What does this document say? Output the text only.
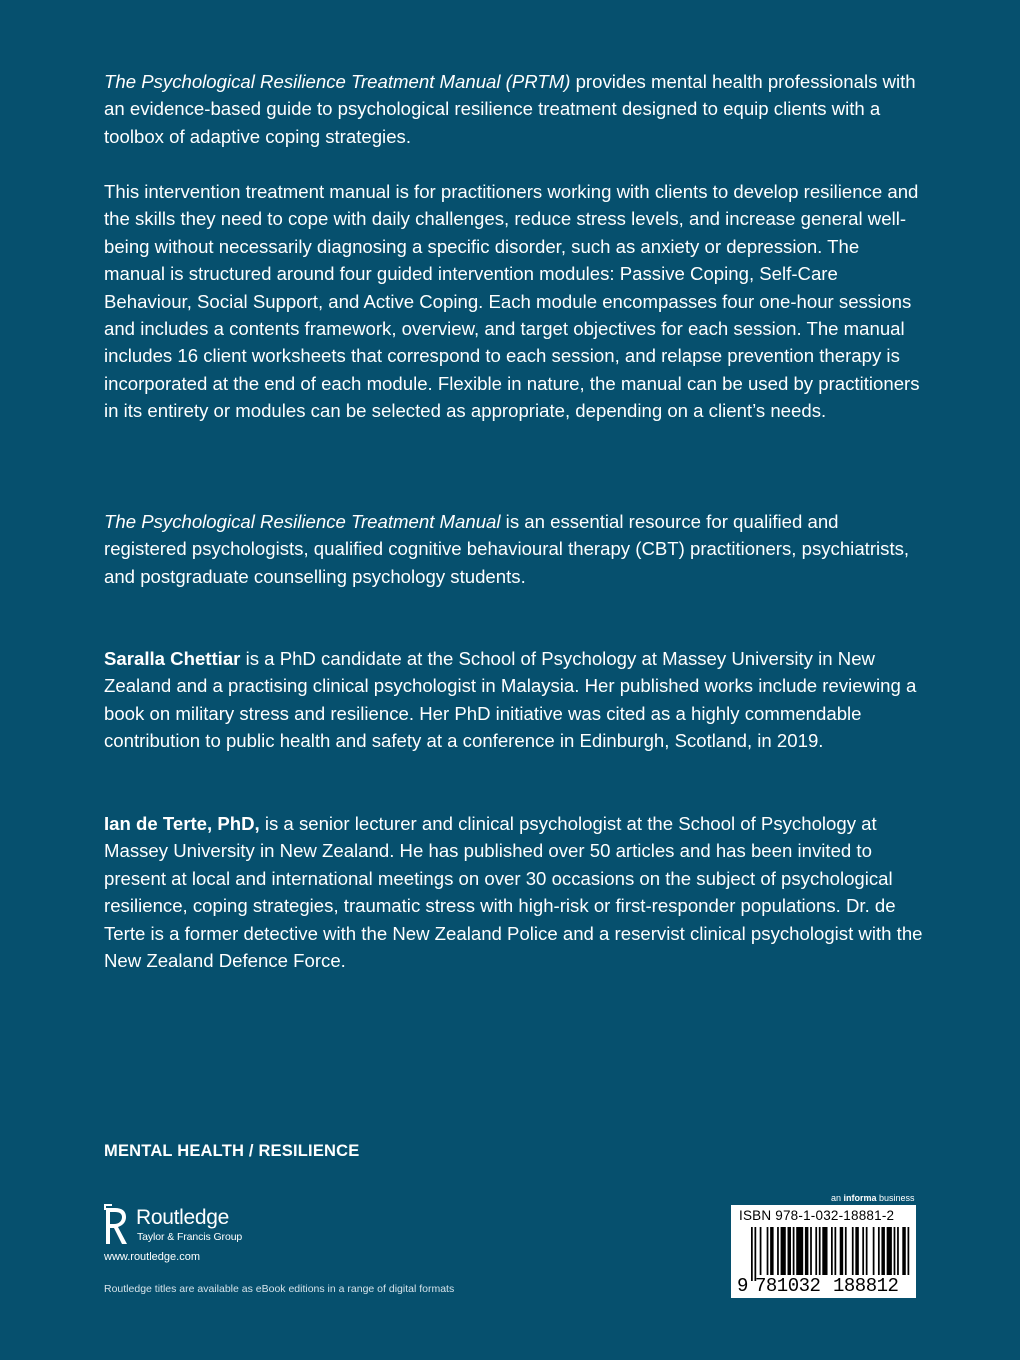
The Psychological Resilience Treatment Manual (PRTM) provides mental health professionals with an evidence-based guide to psychological resilience treatment designed to equip clients with a toolbox of adaptive coping strategies.

This intervention treatment manual is for practitioners working with clients to develop resilience and the skills they need to cope with daily challenges, reduce stress levels, and increase general well-being without necessarily diagnosing a specific disorder, such as anxiety or depression. The manual is structured around four guided intervention modules: Passive Coping, Self-Care Behaviour, Social Support, and Active Coping. Each module encompasses four one-hour sessions and includes a contents framework, overview, and target objectives for each session. The manual includes 16 client worksheets that correspond to each session, and relapse prevention therapy is incorporated at the end of each module. Flexible in nature, the manual can be used by practitioners in its entirety or modules can be selected as appropriate, depending on a client’s needs.

The Psychological Resilience Treatment Manual is an essential resource for qualified and registered psychologists, qualified cognitive behavioural therapy (CBT) practitioners, psychiatrists, and postgraduate counselling psychology students.

Saralla Chettiar is a PhD candidate at the School of Psychology at Massey University in New Zealand and a practising clinical psychologist in Malaysia. Her published works include reviewing a book on military stress and resilience. Her PhD initiative was cited as a highly commendable contribution to public health and safety at a conference in Edinburgh, Scotland, in 2019.

Ian de Terte, PhD, is a senior lecturer and clinical psychologist at the School of Psychology at Massey University in New Zealand. He has published over 50 articles and has been invited to present at local and international meetings on over 30 occasions on the subject of psychological resilience, coping strategies, traumatic stress with high-risk or first-responder populations. Dr. de Terte is a former detective with the New Zealand Police and a reservist clinical psychologist with the New Zealand Defence Force.

MENTAL HEALTH / RESILIENCE
Routledge
Taylor & Francis Group
www.routledge.com
Routledge titles are available as eBook editions in a range of digital formats
an informa business
ISBN 978-1-032-18881-2
9 781032 188812
